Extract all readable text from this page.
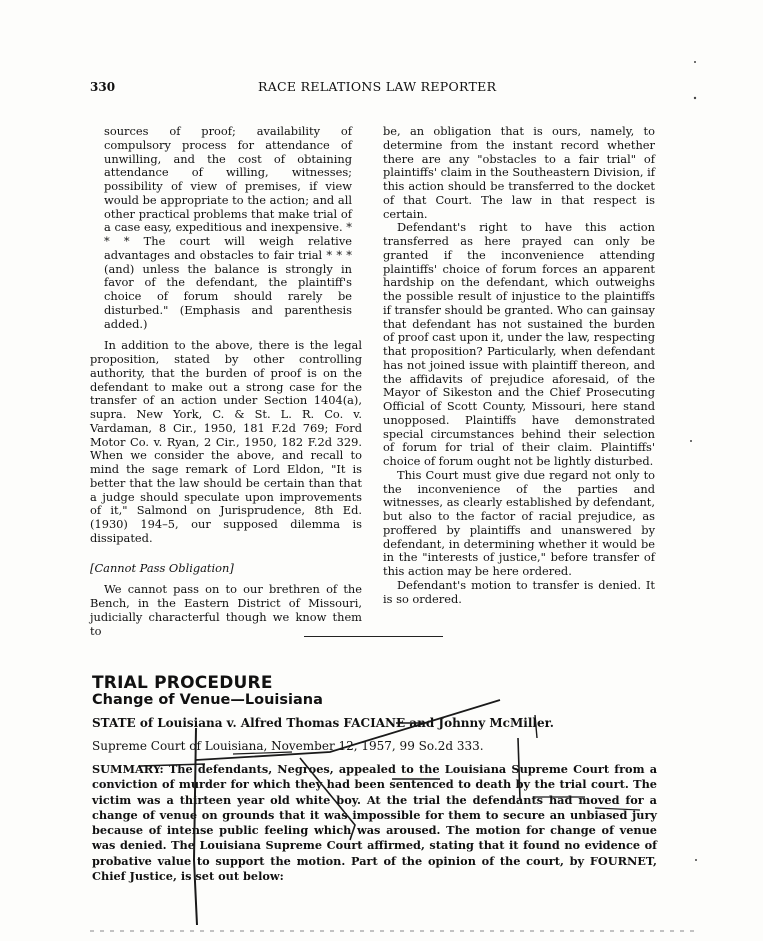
330	RACE RELATIONS LAW REPORTER

sources of proof; availability of compulsory process for attendance of unwilling, and the cost of obtaining attendance of willing, witnesses; possibility of view of premises, if view would be appropriate to the action; and all other practical problems that make trial of a case easy, expeditious and inexpensive. * * * The court will weigh relative advantages and obstacles to fair trial * * * (and) unless the balance is strongly in favor of the defendant, the plaintiff's choice of forum should rarely be disturbed." (Emphasis and parenthesis added.)

In addition to the above, there is the legal proposition, stated by other controlling authority, that the burden of proof is on the defendant to make out a strong case for the transfer of an action under Section 1404(a), supra. New York, C. & St. L. R. Co. v. Vardaman, 8 Cir., 1950, 181 F.2d 769; Ford Motor Co. v. Ryan, 2 Cir., 1950, 182 F.2d 329. When we consider the above, and recall to mind the sage remark of Lord Eldon, "It is better that the law should be certain than that a judge should speculate upon improvements of it," Salmond on Jurisprudence, 8th Ed. (1930) 194–5, our supposed dilemma is dissipated.

[Cannot Pass Obligation]

We cannot pass on to our brethren of the Bench, in the Eastern District of Missouri, judicially characterful though we know them to

be, an obligation that is ours, namely, to determine from the instant record whether there are any "obstacles to a fair trial" of plaintiffs' claim in the Southeastern Division, if this action should be transferred to the docket of that Court. The law in that respect is certain.

Defendant's right to have this action transferred as here prayed can only be granted if the inconvenience attending plaintiffs' choice of forum forces an apparent hardship on the defendant, which outweighs the possible result of injustice to the plaintiffs if transfer should be granted. Who can gainsay that defendant has not sustained the burden of proof cast upon it, under the law, respecting that proposition? Particularly, when defendant has not joined issue with plaintiff thereon, and the affidavits of prejudice aforesaid, of the Mayor of Sikeston and the Chief Prosecuting Official of Scott County, Missouri, here stand unopposed. Plaintiffs have demonstrated special circumstances behind their selection of forum for trial of their claim. Plaintiffs' choice of forum ought not be lightly disturbed.

This Court must give due regard not only to the inconvenience of the parties and witnesses, as clearly established by defendant, but also to the factor of racial prejudice, as proffered by plaintiffs and unanswered by defendant, in determining whether it would be in the "interests of justice," before transfer of this action may be here ordered.

Defendant's motion to transfer is denied. It is so ordered.

TRIAL PROCEDURE
Change of Venue—Louisiana
STATE of Louisiana v. Alfred Thomas FACIANE and Johnny McMiller.
Supreme Court of Louisiana, November 12, 1957, 99 So.2d 333.
SUMMARY: The defendants, Negroes, appealed to the Louisiana Supreme Court from a conviction of murder for which they had been sentenced to death by the trial court. The victim was a thirteen year old white boy. At the trial the defendants had moved for a change of venue on grounds that it was impossible for them to secure an unbiased jury because of intense public feeling which was aroused. The motion for change of venue was denied. The Louisiana Supreme Court affirmed, stating that it found no evidence of probative value to support the motion. Part of the opinion of the court, by FOURNET, Chief Justice, is set out below:
